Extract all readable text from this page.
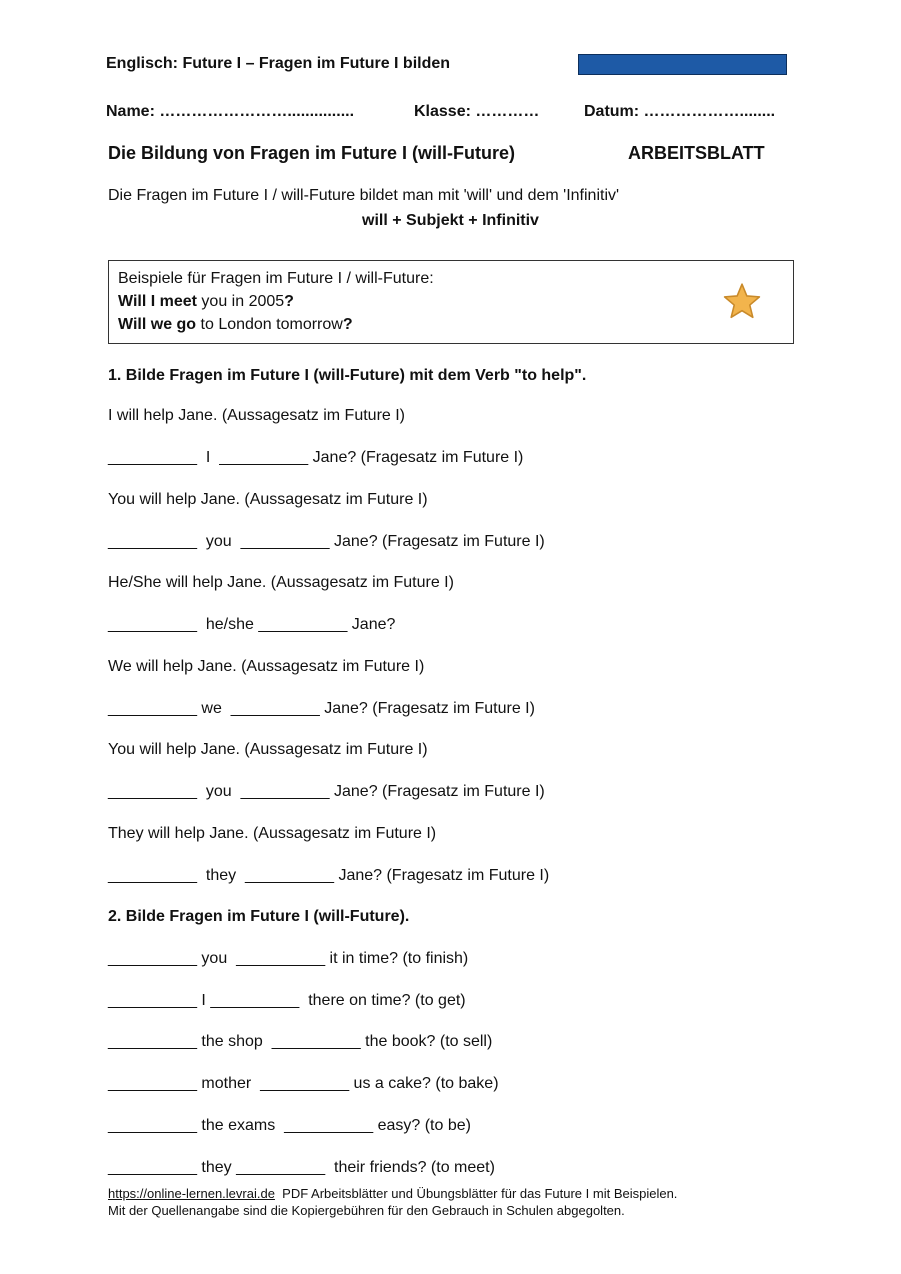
Englisch: Future I – Fragen im Future I bilden

https://levrai.de

Name: ……………………...............	Klasse: …………	Datum: ………………........
Die Bildung von Fragen im Future I (will-Future)	ARBEITSBLATT
Die Fragen im Future I / will-Future bildet man mit 'will' und dem 'Infinitiv'
will + Subjekt + Infinitiv
Beispiele für Fragen im Future I / will-Future:
Will I meet you in 2005?
Will we go to London tomorrow?
1. Bilde Fragen im Future I (will-Future) mit dem Verb "to help".
I will help Jane. (Aussagesatz im Future I)
__________  I  __________ Jane? (Fragesatz im Future I)
You will help Jane. (Aussagesatz im Future I)
__________  you  __________ Jane? (Fragesatz im Future I)
He/She will help Jane. (Aussagesatz im Future I)
__________  he/she __________ Jane?
We will help Jane. (Aussagesatz im Future I)
__________ we  __________ Jane? (Fragesatz im Future I)
You will help Jane. (Aussagesatz im Future I)
__________  you  __________ Jane? (Fragesatz im Future I)
They will help Jane. (Aussagesatz im Future I)
__________  they  __________ Jane? (Fragesatz im Future I)
2. Bilde Fragen im Future I (will-Future).
__________ you  __________ it in time? (to finish)
__________ I __________  there on time? (to get)
__________ the shop  __________ the book? (to sell)
__________ mother  __________ us a cake? (to bake)
__________ the exams  __________ easy? (to be)
__________ they __________  their friends? (to meet)
https://online-lernen.levrai.de  PDF Arbeitsblätter und Übungsblätter für das Future I mit Beispielen.
Mit der Quellenangabe sind die Kopiergebühren für den Gebrauch in Schulen abgegolten.
